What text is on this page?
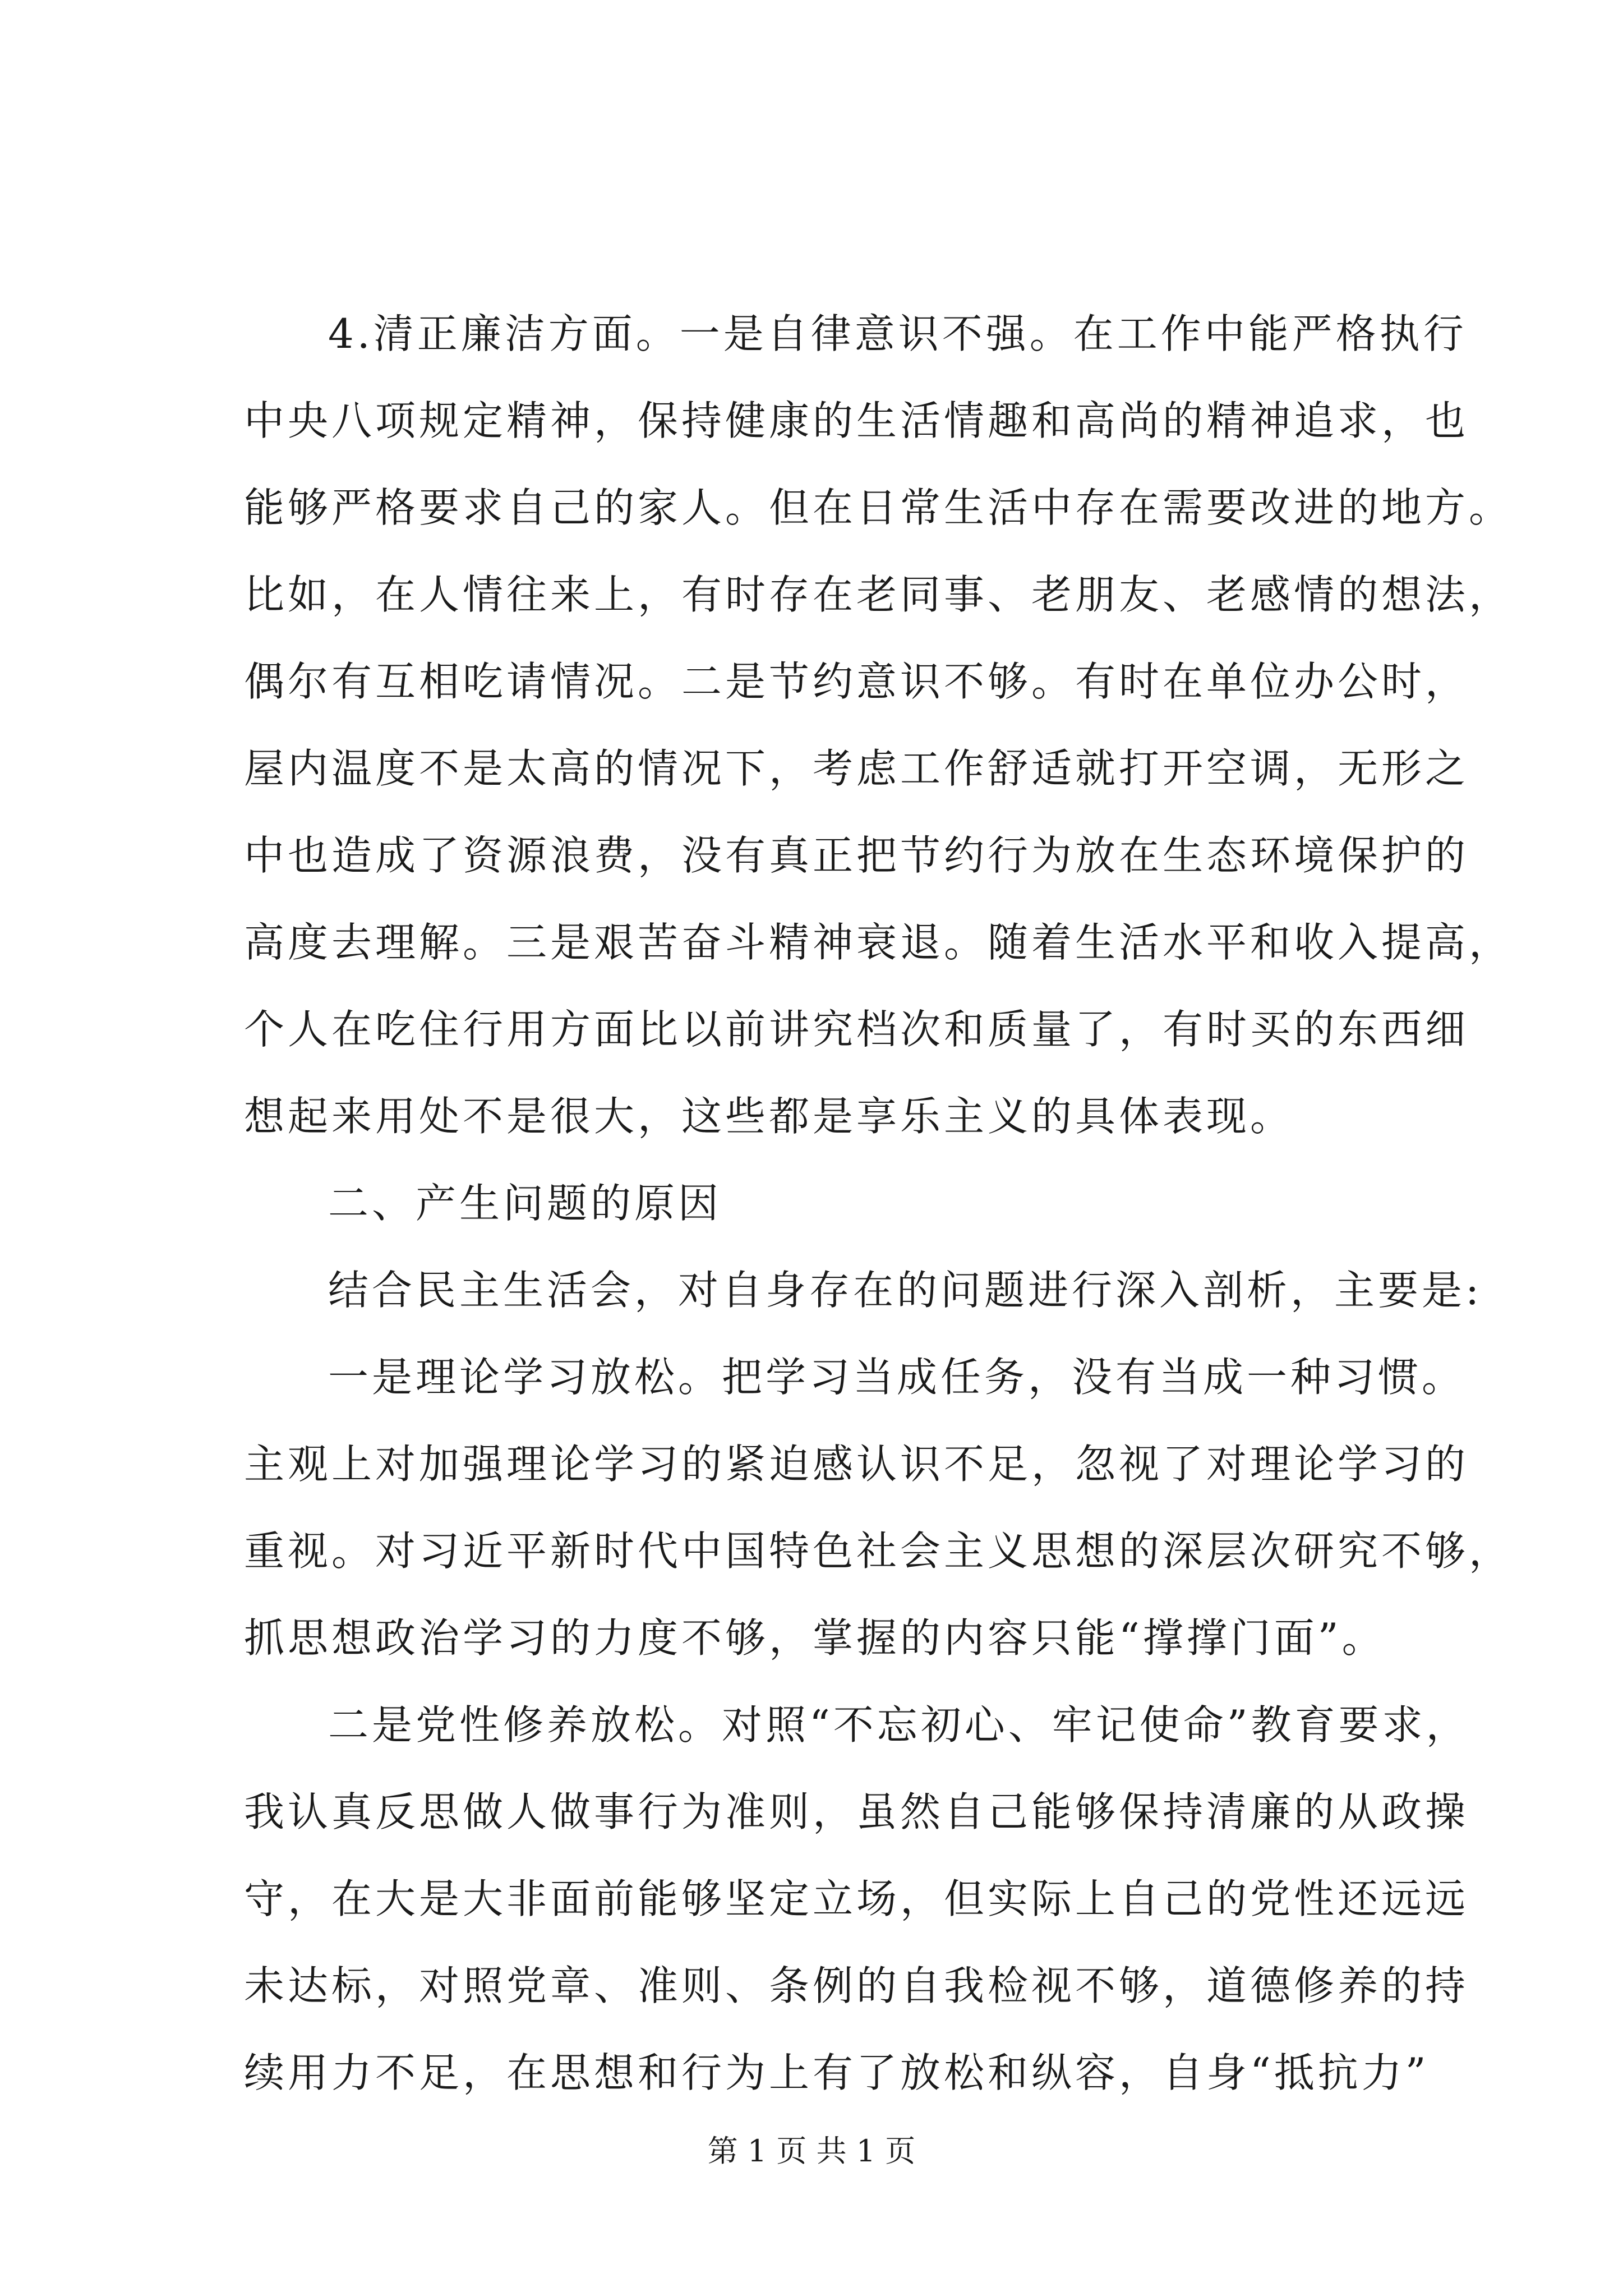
4.清正廉洁方面。一是自律意识不强。在工作中能严格执行
中央八项规定精神，保持健康的生活情趣和高尚的精神追求，也
能够严格要求自己的家人。但在日常生活中存在需要改进的地方。
比如，在人情往来上，有时存在老同事、老朋友、老感情的想法，
偶尔有互相吃请情况。二是节约意识不够。有时在单位办公时，
屋内温度不是太高的情况下，考虑工作舒适就打开空调，无形之
中也造成了资源浪费，没有真正把节约行为放在生态环境保护的
高度去理解。三是艰苦奋斗精神衰退。随着生活水平和收入提高，
个人在吃住行用方面比以前讲究档次和质量了，有时买的东西细
想起来用处不是很大，这些都是享乐主义的具体表现。
二、产生问题的原因
结合民主生活会，对自身存在的问题进行深入剖析，主要是:
一是理论学习放松。把学习当成任务，没有当成一种习惯。
主观上对加强理论学习的紧迫感认识不足，忽视了对理论学习的
重视。对习近平新时代中国特色社会主义思想的深层次研究不够，
抓思想政治学习的力度不够，掌握的内容只能“撑撑门面”。
二是党性修养放松。对照“不忘初心、牢记使命”教育要求，
我认真反思做人做事行为准则，虽然自己能够保持清廉的从政操
守，在大是大非面前能够坚定立场，但实际上自己的党性还远远
未达标，对照党章、准则、条例的自我检视不够，道德修养的持
续用力不足，在思想和行为上有了放松和纵容，自身“抵抗力”
第 1 页 共 1 页
